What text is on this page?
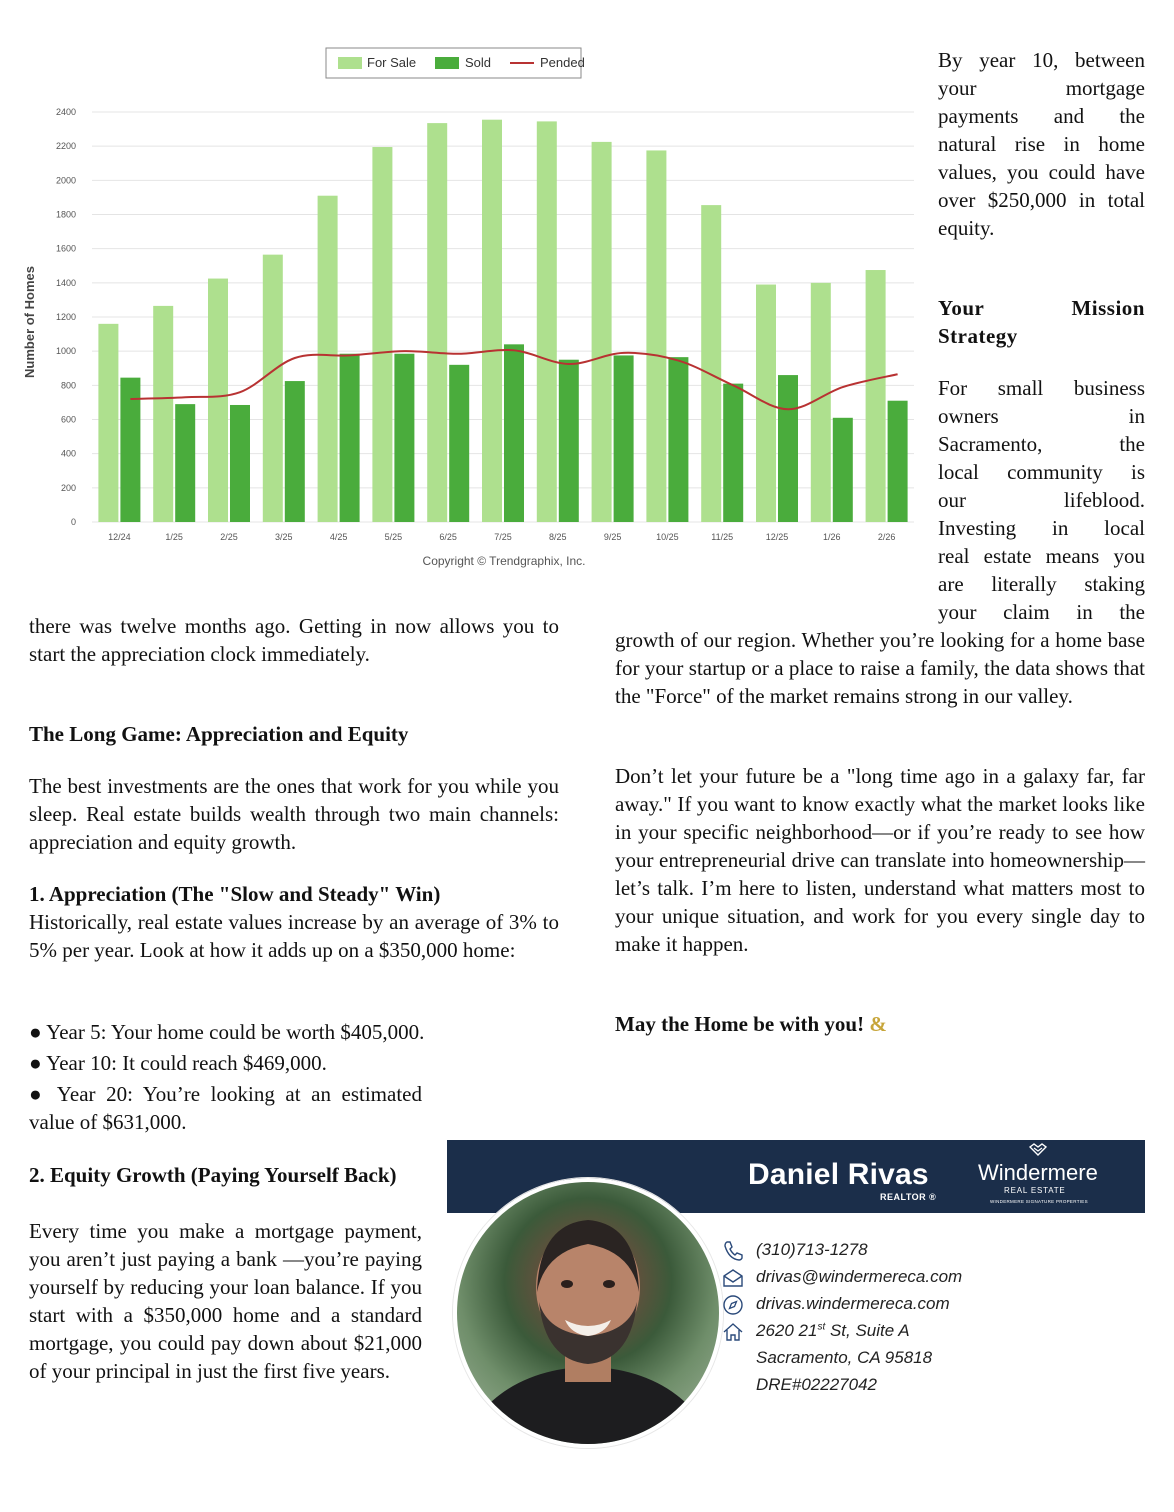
For Sale	Sold	Pended
0
200
400
600
800
1000
1200
1400
1600
1800
2000
2200
2400
12/24	1/25	2/25	3/25	4/25	5/25	6/25	7/25	8/25	9/25	10/25	11/25	12/25	1/26	2/26
Number of Homes
Copyright © Trendgraphix, Inc.

By year 10, between your mortgage payments and the natural rise in home values, you could have over $250,000 in total equity.

Your Mission Strategy
For small business
owners in
Sacramento, the
local community is
our lifeblood.
Investing in local
real estate means you
are literally staking
your claim in the
growth of our region. Whether you’re looking for a home base for your startup or a place to raise a family, the data shows that the "Force" of the market remains strong in our valley.
Don’t let your future be a "long time ago in a galaxy far, far away." If you want to know exactly what the market looks like in your specific neighborhood—or if you’re ready to see how your entrepreneurial drive can translate into homeownership—let’s talk. I’m here to listen, understand what matters most to your unique situation, and work for you every single day to make it happen.
May the Home be with you! &
there was twelve months ago. Getting in now allows you to start the appreciation clock immediately.
The Long Game: Appreciation and Equity
The best investments are the ones that work for you while you sleep. Real estate builds wealth through two main channels: appreciation and equity growth.
1. Appreciation (The "Slow and Steady" Win)
Historically, real estate values increase by an average of 3% to 5% per year. Look at how it adds up on a $350,000 home:
● Year 5: Your home could be worth $405,000.
● Year 10: It could reach $469,000.
● Year 20: You’re looking at an estimated value of $631,000.
2. Equity Growth (Paying Yourself Back)
Every time you make a mortgage payment, you aren’t just paying a bank —you’re paying yourself by reducing your loan balance. If you start with a $350,000 home and a standard mortgage, you could pay down about $21,000 of your principal in just the first five years.
Daniel Rivas
REALTOR ®
Windermere
REAL ESTATE
WINDERMERE SIGNATURE PROPERTIES
(310)713-1278
drivas@windermereca.com
drivas.windermereca.com
2620 21st St, Suite A
Sacramento, CA 95818
DRE#02227042
